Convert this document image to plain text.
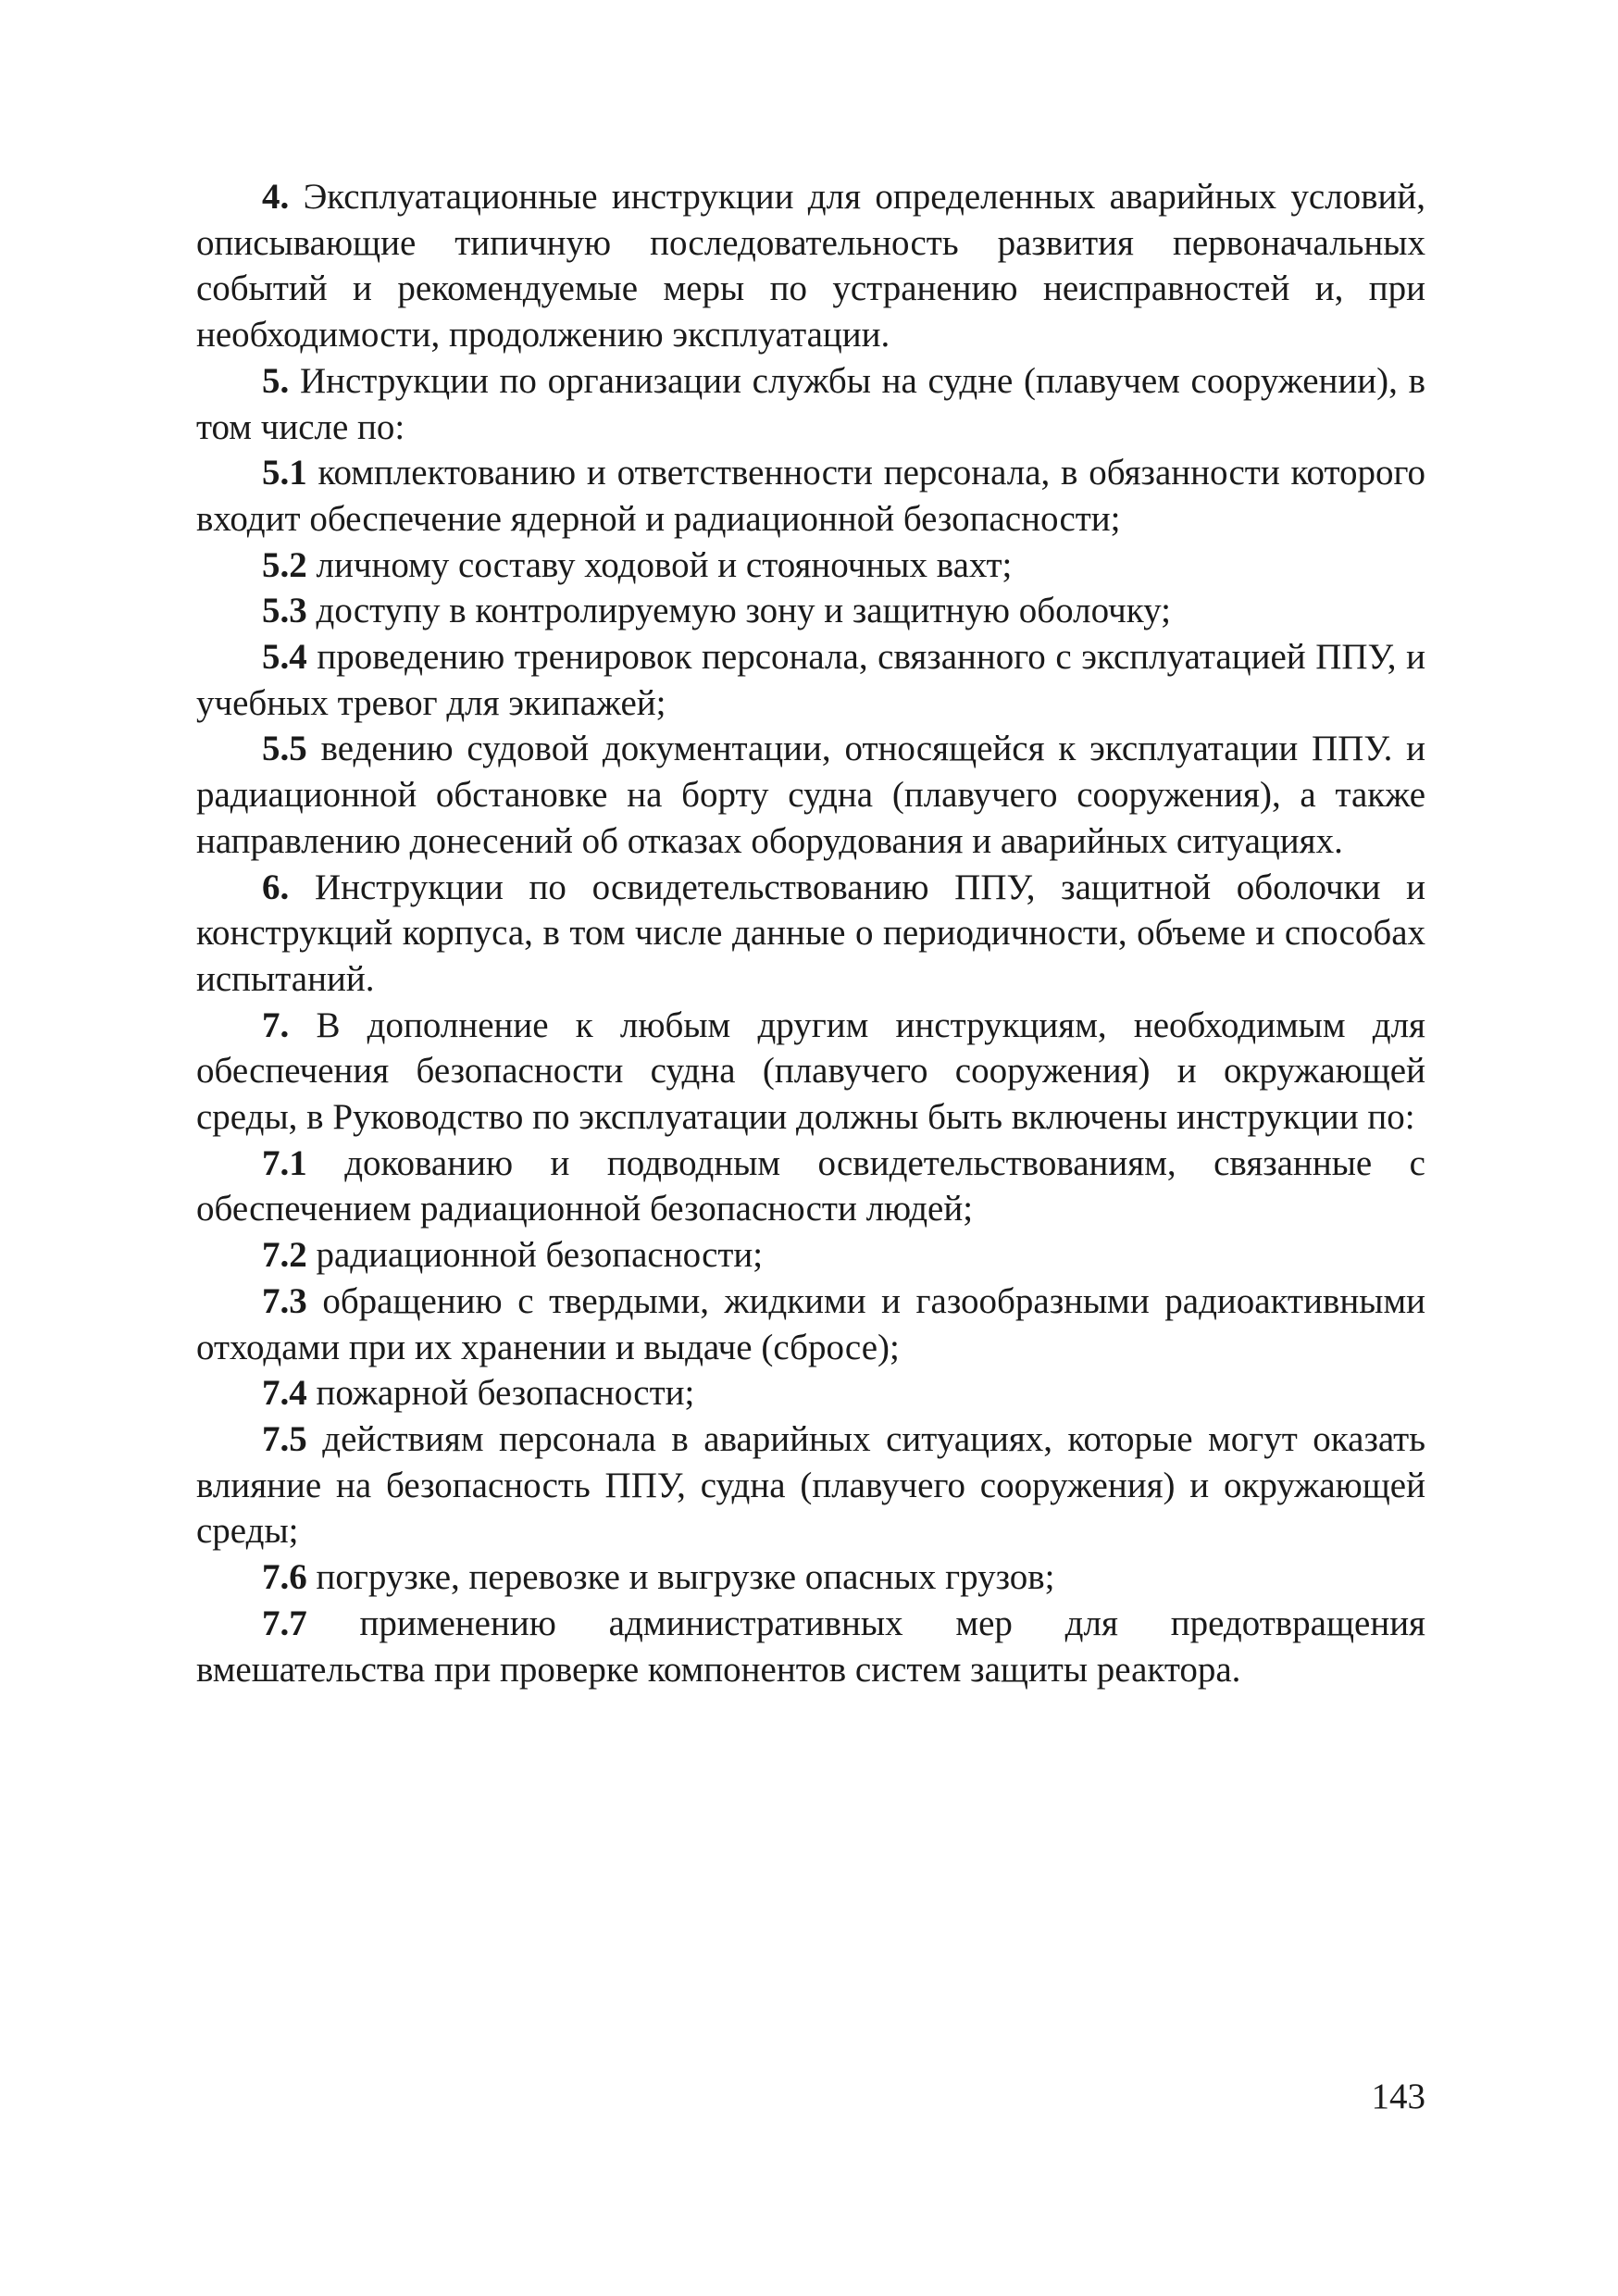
4. Эксплуатационные инструкции для определенных аварийных условий, описывающие типичную последовательность развития первоначальных событий и рекомендуемые меры по устранению неисправностей и, при необходимости, продолжению эксплуатации.

5. Инструкции по организации службы на судне (плавучем сооружении), в том числе по:

5.1 комплектованию и ответственности персонала, в обязанности которого входит обеспечение ядерной и радиационной безопасности;

5.2 личному составу ходовой и стояночных вахт;

5.3 доступу в контролируемую зону и защитную оболочку;

5.4 проведению тренировок персонала, связанного с эксплуатацией ППУ, и учебных тревог для экипажей;

5.5 ведению судовой документации, относящейся к эксплуатации ППУ. и радиационной обстановке на борту судна (плавучего сооружения), а также направлению донесений об отказах оборудования и аварийных ситуациях.

6. Инструкции по освидетельствованию ППУ, защитной оболочки и конструкций корпуса, в том числе данные о периодичности, объеме и способах испытаний.

7. В дополнение к любым другим инструкциям, необходимым для обеспечения безопасности судна (плавучего сооружения) и окружающей среды, в Руководство по эксплуатации должны быть включены инструкции по:

7.1 докованию и подводным освидетельствованиям, связанные с обеспечением радиационной безопасности людей;

7.2 радиационной безопасности;

7.3 обращению с твердыми, жидкими и газообразными радиоактивными отходами при их хранении и выдаче (сбросе);

7.4 пожарной безопасности;

7.5 действиям персонала в аварийных ситуациях, которые могут оказать влияние на безопасность ППУ, судна (плавучего сооружения) и окружающей среды;

7.6 погрузке, перевозке и выгрузке опасных грузов;

7.7 применению административных мер для предотвращения вмешательства при проверке компонентов систем защиты реактора.

143
